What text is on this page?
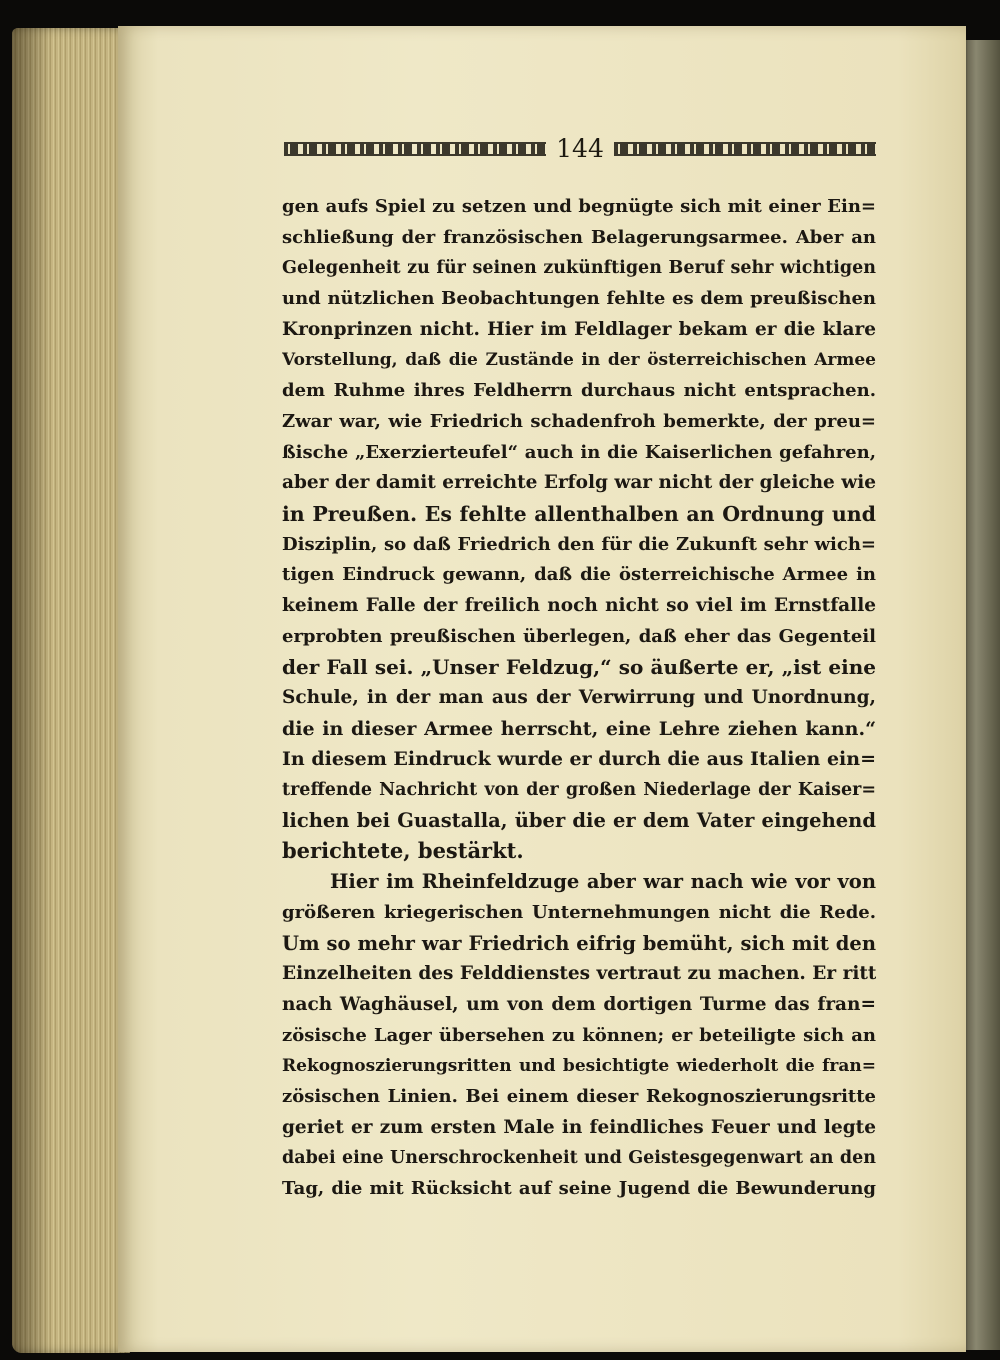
144
gen aufs Spiel zu setzen und begnügte sich mit einer Ein=
schließung der französischen Belagerungsarmee. Aber an
Gelegenheit zu für seinen zukünftigen Beruf sehr wichtigen
und nützlichen Beobachtungen fehlte es dem preußischen
Kronprinzen nicht. Hier im Feldlager bekam er die klare
Vorstellung, daß die Zustände in der österreichischen Armee
dem Ruhme ihres Feldherrn durchaus nicht entsprachen.
Zwar war, wie Friedrich schadenfroh bemerkte, der preu=
ßische „Exerzierteufel“ auch in die Kaiserlichen gefahren,
aber der damit erreichte Erfolg war nicht der gleiche wie
in Preußen. Es fehlte allenthalben an Ordnung und
Disziplin, so daß Friedrich den für die Zukunft sehr wich=
tigen Eindruck gewann, daß die österreichische Armee in
keinem Falle der freilich noch nicht so viel im Ernstfalle
erprobten preußischen überlegen, daß eher das Gegenteil
der Fall sei. „Unser Feldzug,“ so äußerte er, „ist eine
Schule, in der man aus der Verwirrung und Unordnung,
die in dieser Armee herrscht, eine Lehre ziehen kann.“
In diesem Eindruck wurde er durch die aus Italien ein=
treffende Nachricht von der großen Niederlage der Kaiser=
lichen bei Guastalla, über die er dem Vater eingehend
berichtete, bestärkt.
Hier im Rheinfeldzuge aber war nach wie vor von
größeren kriegerischen Unternehmungen nicht die Rede.
Um so mehr war Friedrich eifrig bemüht, sich mit den
Einzelheiten des Felddienstes vertraut zu machen. Er ritt
nach Waghäusel, um von dem dortigen Turme das fran=
zösische Lager übersehen zu können; er beteiligte sich an
Rekognoszierungsritten und besichtigte wiederholt die fran=
zösischen Linien. Bei einem dieser Rekognoszierungsritte
geriet er zum ersten Male in feindliches Feuer und legte
dabei eine Unerschrockenheit und Geistesgegenwart an den
Tag, die mit Rücksicht auf seine Jugend die Bewunderung
